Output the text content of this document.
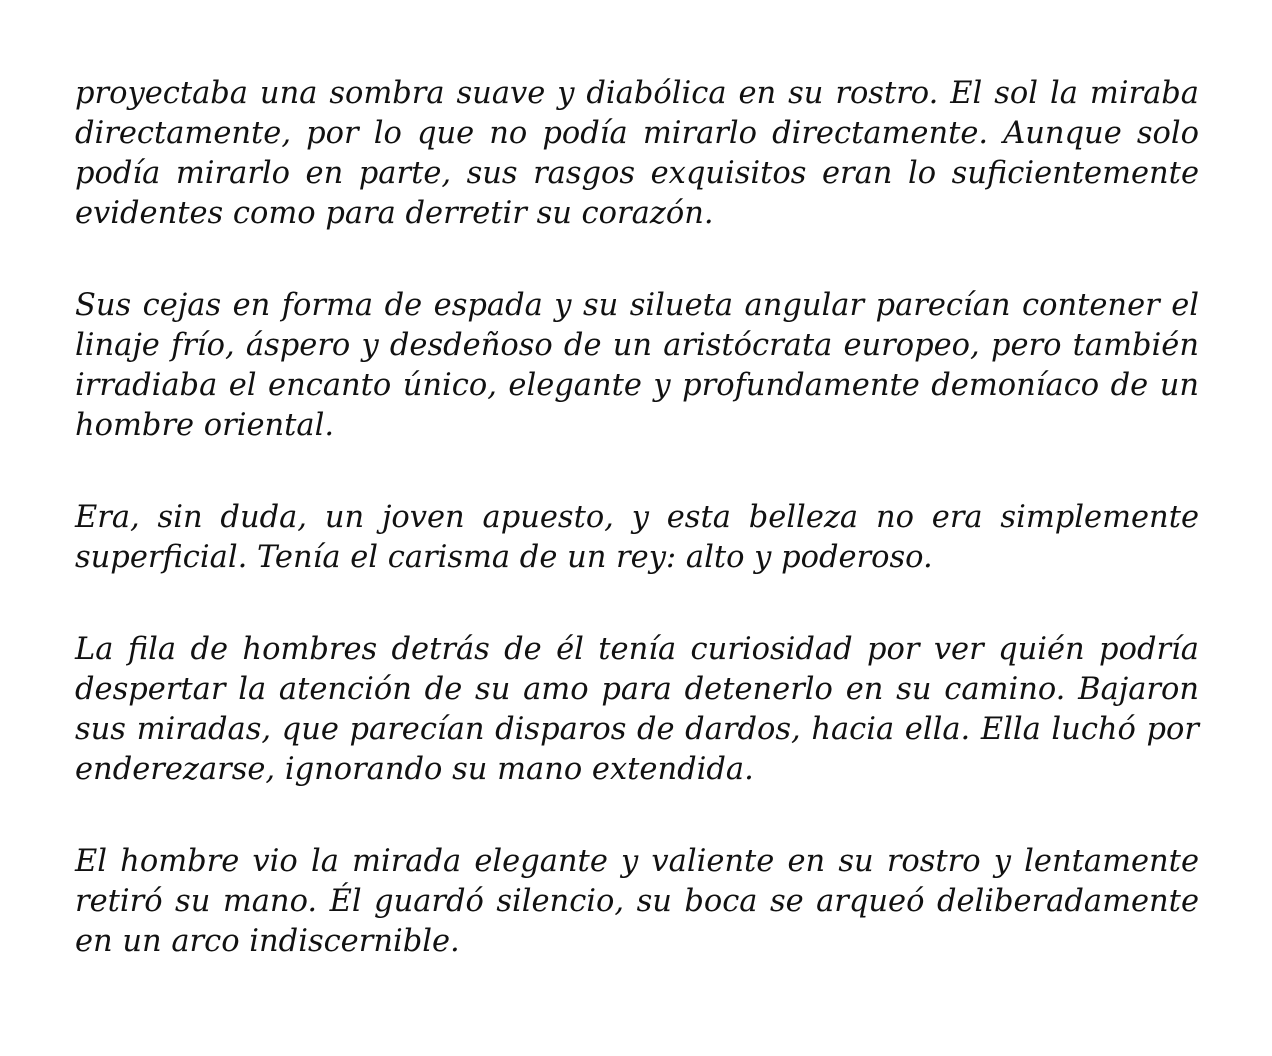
proyectaba una sombra suave y diabólica en su rostro. El sol la miraba directamente, por lo que no podía mirarlo directamente. Aunque solo podía mirarlo en parte, sus rasgos exquisitos eran lo suficientemente evidentes como para derretir su corazón.

Sus cejas en forma de espada y su silueta angular parecían contener el linaje frío, áspero y desdeñoso de un aristócrata europeo, pero también irradiaba el encanto único, elegante y profundamente demoníaco de un hombre oriental.

Era, sin duda, un joven apuesto, y esta belleza no era simplemente superficial. Tenía el carisma de un rey: alto y poderoso.

La fila de hombres detrás de él tenía curiosidad por ver quién podría despertar la atención de su amo para detenerlo en su camino. Bajaron sus miradas, que parecían disparos de dardos, hacia ella. Ella luchó por enderezarse, ignorando su mano extendida.

El hombre vio la mirada elegante y valiente en su rostro y lentamente retiró su mano. Él guardó silencio, su boca se arqueó deliberadamente en un arco indiscernible.
